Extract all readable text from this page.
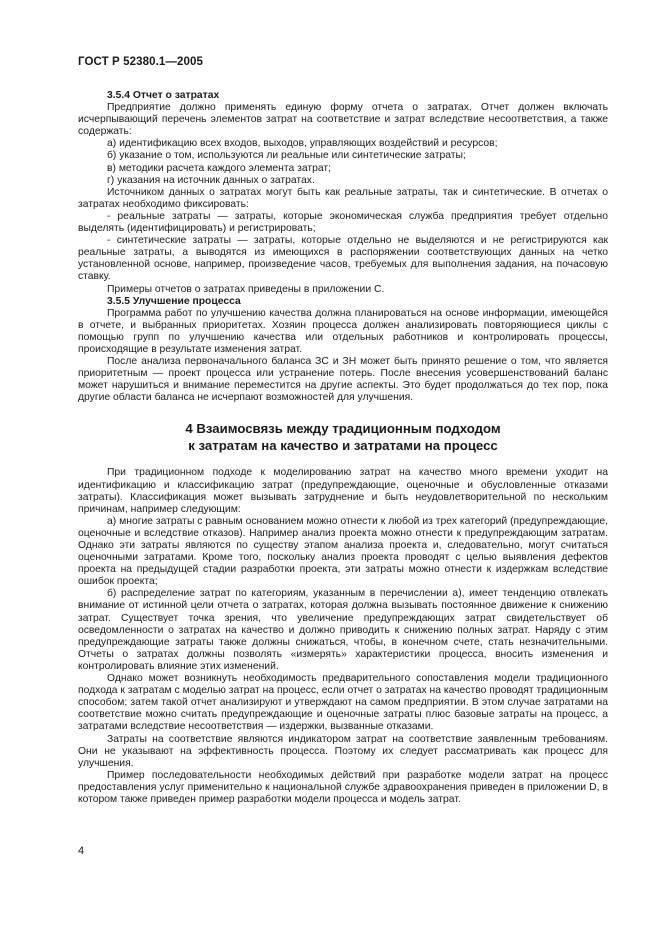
ГОСТ Р 52380.1—2005

3.5.4 Отчет о затратах

Предприятие должно применять единую форму отчета о затратах. Отчет должен включать исчерпывающий перечень элементов затрат на соответствие и затрат вследствие несоответствия, а также содержать:

а) идентификацию всех входов, выходов, управляющих воздействий и ресурсов;

б) указание о том, используются ли реальные или синтетические затраты;

в) методики расчета каждого элемента затрат;

г) указания на источник данных о затратах.

Источником данных о затратах могут быть как реальные затраты, так и синтетические. В отчетах о затратах необходимо фиксировать:

- реальные затраты — затраты, которые экономическая служба предприятия требует отдельно выделять (идентифицировать) и регистрировать;

- синтетические затраты — затраты, которые отдельно не выделяются и не регистрируются как реальные затраты, а выводятся из имеющихся в распоряжении соответствующих данных на четко установленной основе, например, произведение часов, требуемых для выполнения задания, на почасовую ставку.

Примеры отчетов о затратах приведены в приложении С.

3.5.5 Улучшение процесса

Программа работ по улучшению качества должна планироваться на основе информации, имеющейся в отчете, и выбранных приоритетах. Хозяин процесса должен анализировать повторяющиеся циклы с помощью групп по улучшению качества или отдельных работников и контролировать процессы, происходящие в результате изменения затрат.

После анализа первоначального баланса ЗС и ЗН может быть принято решение о том, что является приоритетным — проект процесса или устранение потерь. После внесения усовершенствований баланс может нарушиться и внимание переместится на другие аспекты. Это будет продолжаться до тех пор, пока другие области баланса не исчерпают возможностей для улучшения.

4 Взаимосвязь между традиционным подходом
к затратам на качество и затратами на процесс

При традиционном подходе к моделированию затрат на качество много времени уходит на идентификацию и классификацию затрат (предупреждающие, оценочные и обусловленные отказами затраты). Классификация может вызывать затруднение и быть неудовлетворительной по нескольким причинам, например следующим:

а) многие затраты с равным основанием можно отнести к любой из трех категорий (предупреждающие, оценочные и вследствие отказов). Например анализ проекта можно отнести к предупреждающим затратам. Однако эти затраты являются по существу этапом анализа проекта и, следовательно, могут считаться оценочными затратами. Кроме того, поскольку анализ проекта проводят с целью выявления дефектов проекта на предыдущей стадии разработки проекта, эти затраты можно отнести к издержкам вследствие ошибок проекта;

б) распределение затрат по категориям, указанным в перечислении а), имеет тенденцию отвлекать внимание от истинной цели отчета о затратах, которая должна вызывать постоянное движение к снижению затрат. Существует точка зрения, что увеличение предупреждающих затрат свидетельствует об осведомленности о затратах на качество и должно приводить к снижению полных затрат. Наряду с этим предупреждающие затраты также должны снижаться, чтобы, в конечном счете, стать незначительными. Отчеты о затратах должны позволять «измерять» характеристики процесса, вносить изменения и контролировать влияние этих изменений.

Однако может возникнуть необходимость предварительного сопоставления модели традиционного подхода к затратам с моделью затрат на процесс, если отчет о затратах на качество проводят традиционным способом; затем такой отчет анализируют и утверждают на самом предприятии. В этом случае затратами на соответствие можно считать предупреждающие и оценочные затраты плюс базовые затраты на процесс, а затратами вследствие несоответствия — издержки, вызванные отказами.

Затраты на соответствие являются индикатором затрат на соответствие заявленным требованиям. Они не указывают на эффективность процесса. Поэтому их следует рассматривать как процесс для улучшения.

Пример последовательности необходимых действий при разработке модели затрат на процесс предоставления услуг применительно к национальной службе здравоохранения приведен в приложении D, в котором также приведен пример разработки модели процесса и модель затрат.

4
